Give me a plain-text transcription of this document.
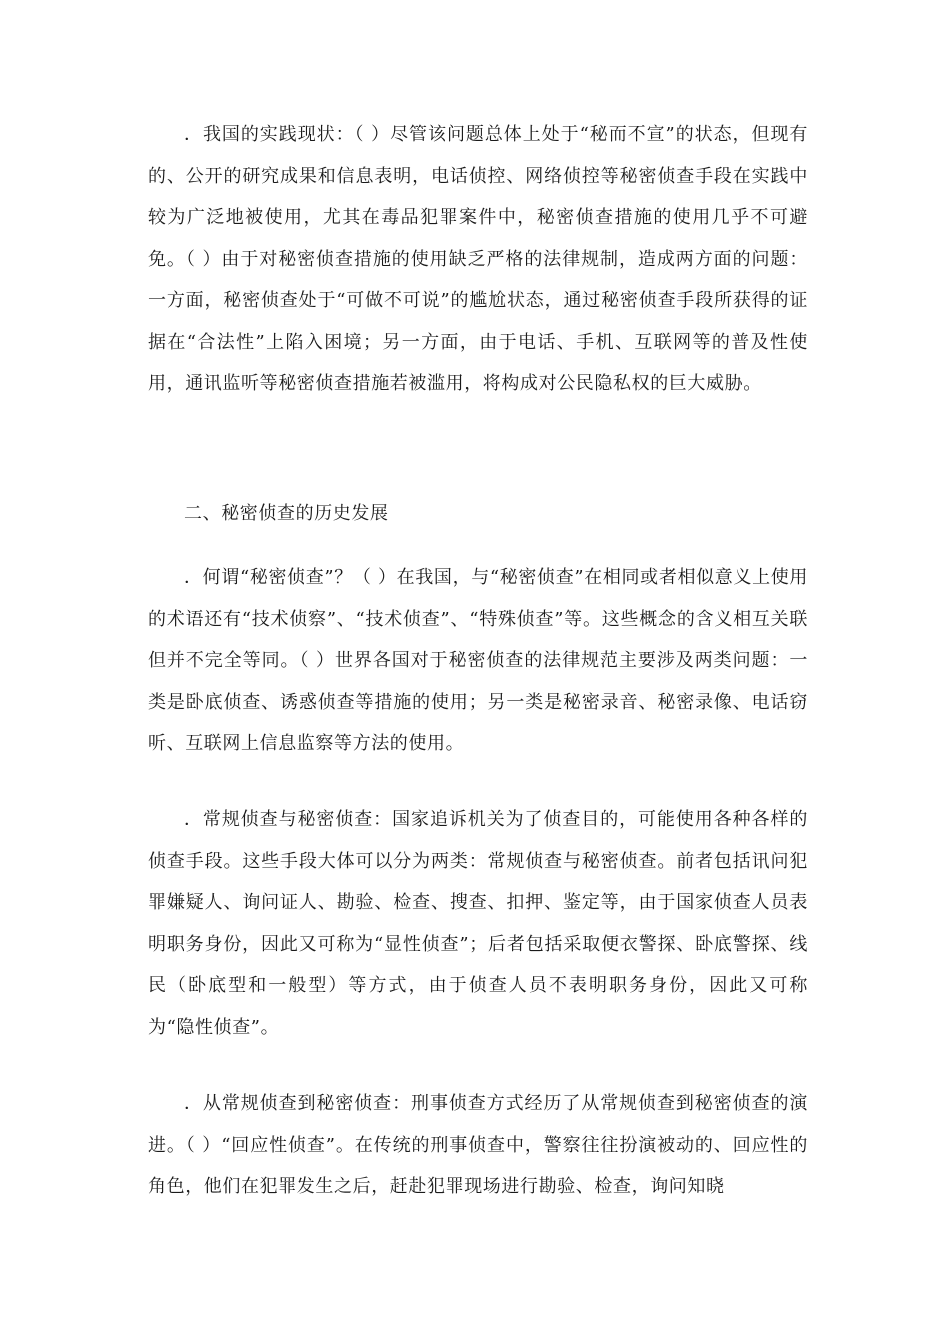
．我国的实践现状：（ ）尽管该问题总体上处于“秘而不宣”的状态，但现有的、公开的研究成果和信息表明，电话侦控、网络侦控等秘密侦查手段在实践中较为广泛地被使用，尤其在毒品犯罪案件中，秘密侦查措施的使用几乎不可避免。（ ）由于对秘密侦查措施的使用缺乏严格的法律规制，造成两方面的问题：一方面，秘密侦查处于“可做不可说”的尴尬状态，通过秘密侦查手段所获得的证据在“合法性”上陷入困境；另一方面，由于电话、手机、互联网等的普及性使用，通讯监听等秘密侦查措施若被滥用，将构成对公民隐私权的巨大威胁。

二、秘密侦查的历史发展

．何谓“秘密侦查”？（ ）在我国，与“秘密侦查”在相同或者相似意义上使用的术语还有“技术侦察”、“技术侦查”、“特殊侦查”等。这些概念的含义相互关联但并不完全等同。（ ）世界各国对于秘密侦查的法律规范主要涉及两类问题：一类是卧底侦查、诱惑侦查等措施的使用；另一类是秘密录音、秘密录像、电话窃听、互联网上信息监察等方法的使用。

．常规侦查与秘密侦查：国家追诉机关为了侦查目的，可能使用各种各样的侦查手段。这些手段大体可以分为两类：常规侦查与秘密侦查。前者包括讯问犯罪嫌疑人、询问证人、勘验、检查、搜查、扣押、鉴定等，由于国家侦查人员表明职务身份，因此又可称为“显性侦查”；后者包括采取便衣警探、卧底警探、线民（卧底型和一般型）等方式，由于侦查人员不表明职务身份，因此又可称为“隐性侦查”。

．从常规侦查到秘密侦查：刑事侦查方式经历了从常规侦查到秘密侦查的演进。（ ）“回应性侦查”。在传统的刑事侦查中，警察往往扮演被动的、回应性的角色，他们在犯罪发生之后，赶赴犯罪现场进行勘验、检查，询问知晓
